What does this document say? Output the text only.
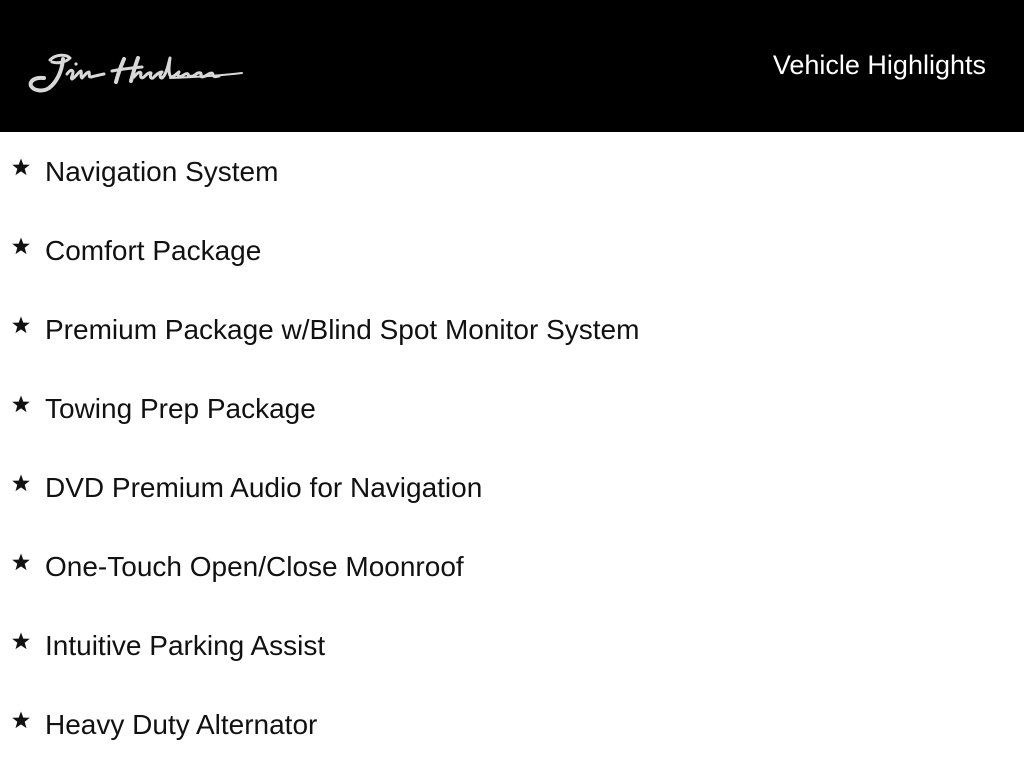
Vehicle Highlights
Navigation System
Comfort Package
Premium Package w/Blind Spot Monitor System
Towing Prep Package
DVD Premium Audio for Navigation
One-Touch Open/Close Moonroof
Intuitive Parking Assist
Heavy Duty Alternator
